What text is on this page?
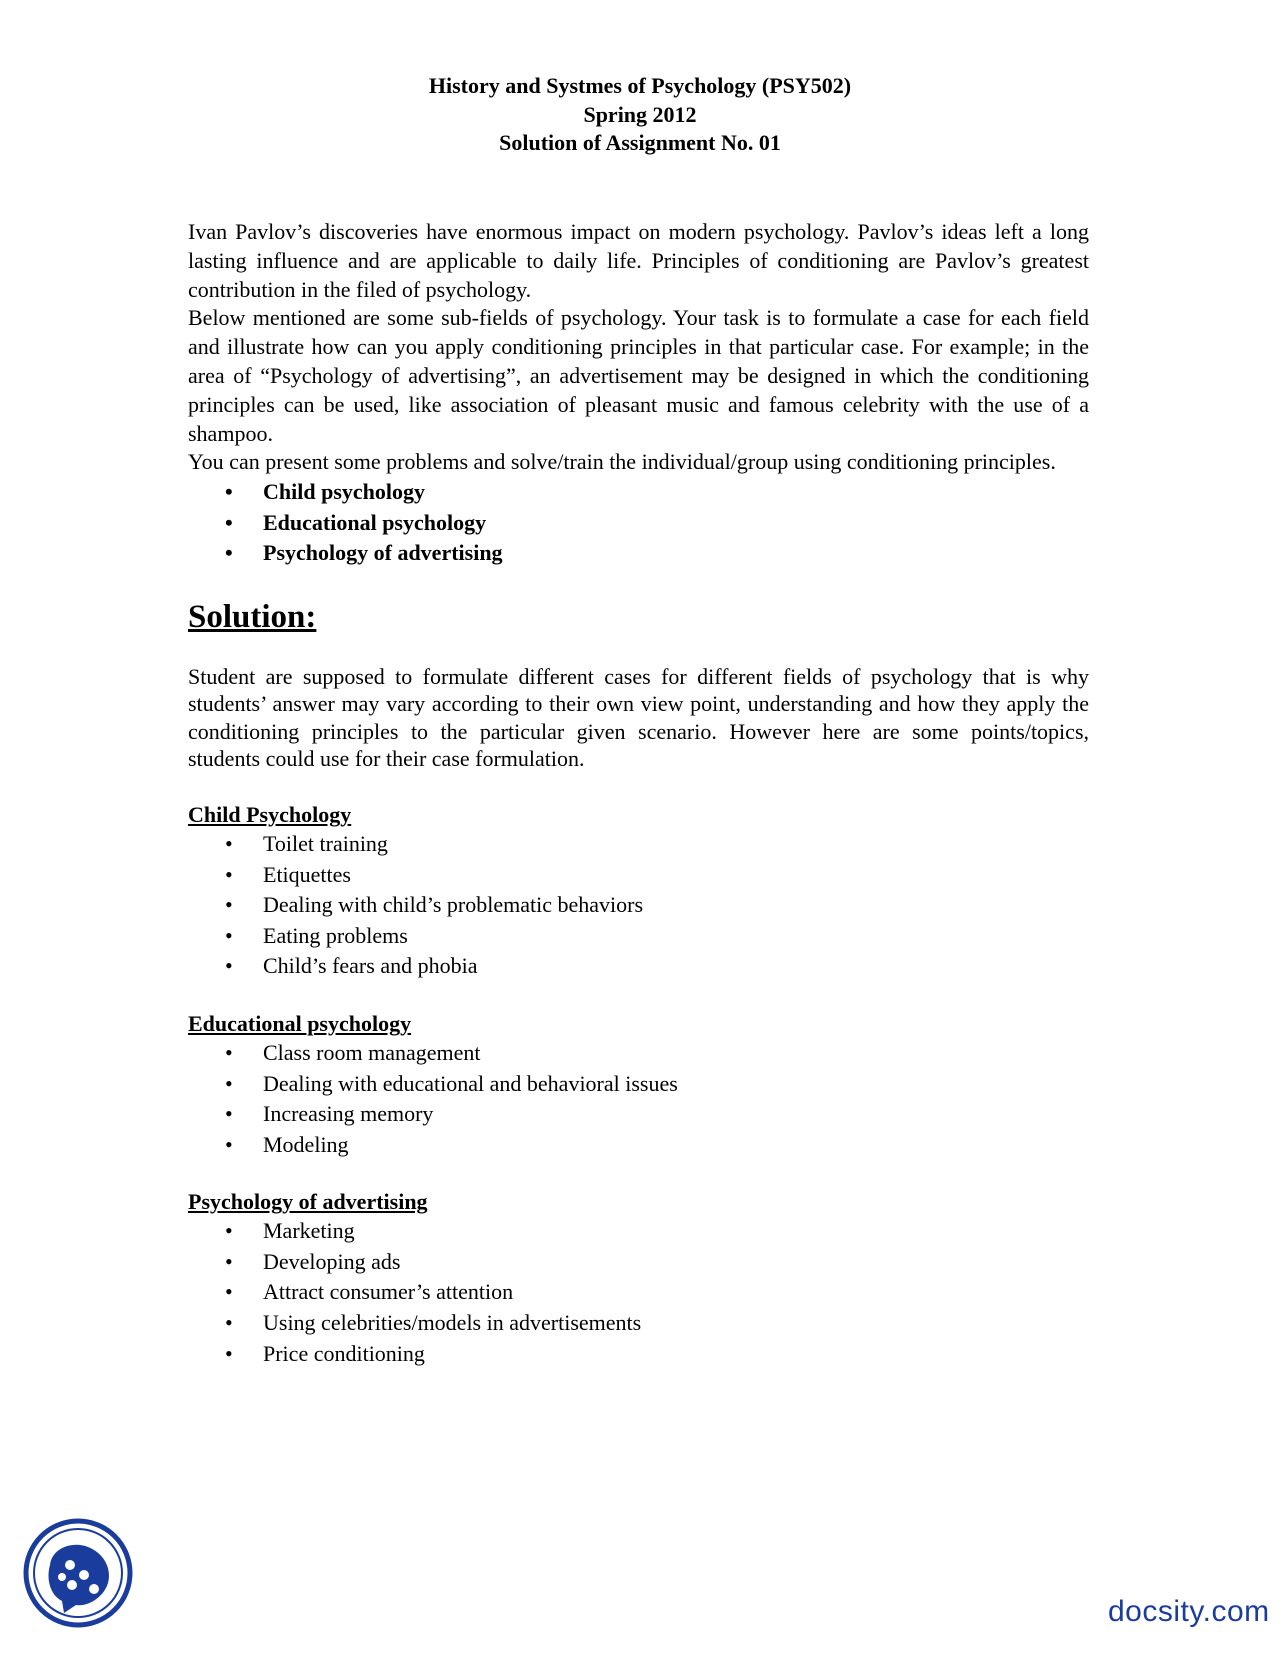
History and Systmes of Psychology (PSY502)
Spring 2012
Solution of Assignment No. 01

Ivan Pavlov’s discoveries have enormous impact on modern psychology. Pavlov’s ideas left a long lasting influence and are applicable to daily life. Principles of conditioning are Pavlov’s greatest contribution in the filed of psychology.

Below mentioned are some sub-fields of psychology. Your task is to formulate a case for each field and illustrate how can you apply conditioning principles in that particular case. For example; in the area of “Psychology of advertising”, an advertisement may be designed in which the conditioning principles can be used, like association of pleasant music and famous celebrity with the use of a shampoo.

You can present some problems and solve/train the individual/group using conditioning principles.

• Child psychology
• Educational psychology
• Psychology of advertising
Solution:
Student are supposed to formulate different cases for different fields of psychology that is why students’ answer may vary according to their own view point, understanding and how they apply the conditioning principles to the particular given scenario. However here are some points/topics, students could use for their case formulation.
Child Psychology
• Toilet training
• Etiquettes
• Dealing with child’s problematic behaviors
• Eating problems
• Child’s fears and phobia
Educational psychology
• Class room management
• Dealing with educational and behavioral issues
• Increasing memory
• Modeling
Psychology of advertising
• Marketing
• Developing ads
• Attract consumer’s attention
• Using celebrities/models in advertisements
• Price conditioning
docsity.com
